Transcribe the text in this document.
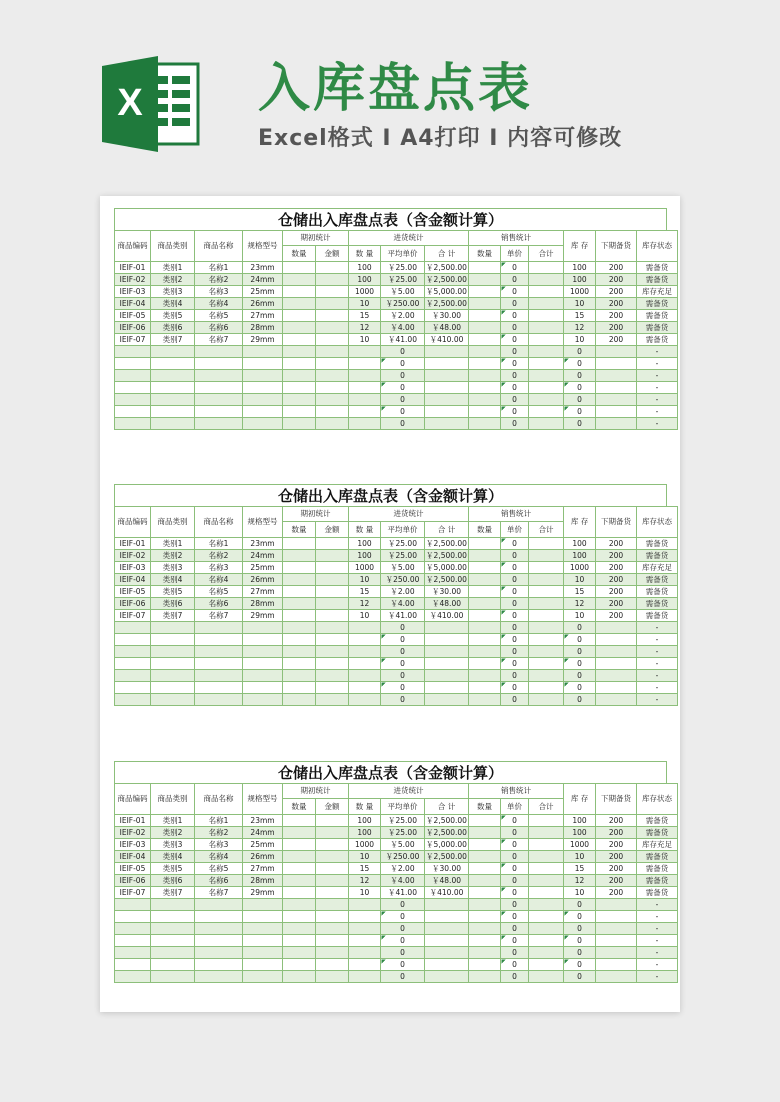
X 入库盘点表
Excel格式 I A4打印 I 内容可修改
仓储出入库盘点表（含金额计算）
商品编码	商品类别	商品名称	规格型号	期初统计		进货统计			销售统计			库 存	下期备货	库存状态
				数量	金额	数 量	平均单价	合 计	数量	单价	合计			
IEIF-01	类别1	名称1	23mm			100	￥25.00	￥2,500.00		0		100	200	需备货
IEIF-02	类别2	名称2	24mm			100	￥25.00	￥2,500.00		0		100	200	需备货
IEIF-03	类别3	名称3	25mm			1000	￥5.00	￥5,000.00		0		1000	200	库存充足
IEIF-04	类别4	名称4	26mm			10	￥250.00	￥2,500.00		0		10	200	需备货
IEIF-05	类别5	名称5	27mm			15	￥2.00	￥30.00		0		15	200	需备货
IEIF-06	类别6	名称6	28mm			12	￥4.00	￥48.00		0		12	200	需备货
IEIF-07	类别7	名称7	29mm			10	￥41.00	￥410.00		0		10	200	需备货
							0			0		0		-
							0			0		0		-
							0			0		0		-
							0			0		0		-
							0			0		0		-
							0			0		0		-
							0			0		0		-
仓储出入库盘点表（含金额计算）
商品编码	商品类别	商品名称	规格型号	期初统计		进货统计			销售统计			库 存	下期备货	库存状态
				数量	金额	数 量	平均单价	合 计	数量	单价	合计			
IEIF-01	类别1	名称1	23mm			100	￥25.00	￥2,500.00		0		100	200	需备货
IEIF-02	类别2	名称2	24mm			100	￥25.00	￥2,500.00		0		100	200	需备货
IEIF-03	类别3	名称3	25mm			1000	￥5.00	￥5,000.00		0		1000	200	库存充足
IEIF-04	类别4	名称4	26mm			10	￥250.00	￥2,500.00		0		10	200	需备货
IEIF-05	类别5	名称5	27mm			15	￥2.00	￥30.00		0		15	200	需备货
IEIF-06	类别6	名称6	28mm			12	￥4.00	￥48.00		0		12	200	需备货
IEIF-07	类别7	名称7	29mm			10	￥41.00	￥410.00		0		10	200	需备货
							0			0		0		-
							0			0		0		-
							0			0		0		-
							0			0		0		-
							0			0		0		-
							0			0		0		-
							0			0		0		-
仓储出入库盘点表（含金额计算）
商品编码	商品类别	商品名称	规格型号	期初统计		进货统计			销售统计			库 存	下期备货	库存状态
				数量	金额	数 量	平均单价	合 计	数量	单价	合计			
IEIF-01	类别1	名称1	23mm			100	￥25.00	￥2,500.00		0		100	200	需备货
IEIF-02	类别2	名称2	24mm			100	￥25.00	￥2,500.00		0		100	200	需备货
IEIF-03	类别3	名称3	25mm			1000	￥5.00	￥5,000.00		0		1000	200	库存充足
IEIF-04	类别4	名称4	26mm			10	￥250.00	￥2,500.00		0		10	200	需备货
IEIF-05	类别5	名称5	27mm			15	￥2.00	￥30.00		0		15	200	需备货
IEIF-06	类别6	名称6	28mm			12	￥4.00	￥48.00		0		12	200	需备货
IEIF-07	类别7	名称7	29mm			10	￥41.00	￥410.00		0		10	200	需备货
							0			0		0		-
							0			0		0		-
							0			0		0		-
							0			0		0		-
							0			0		0		-
							0			0		0		-
							0			0		0		-
